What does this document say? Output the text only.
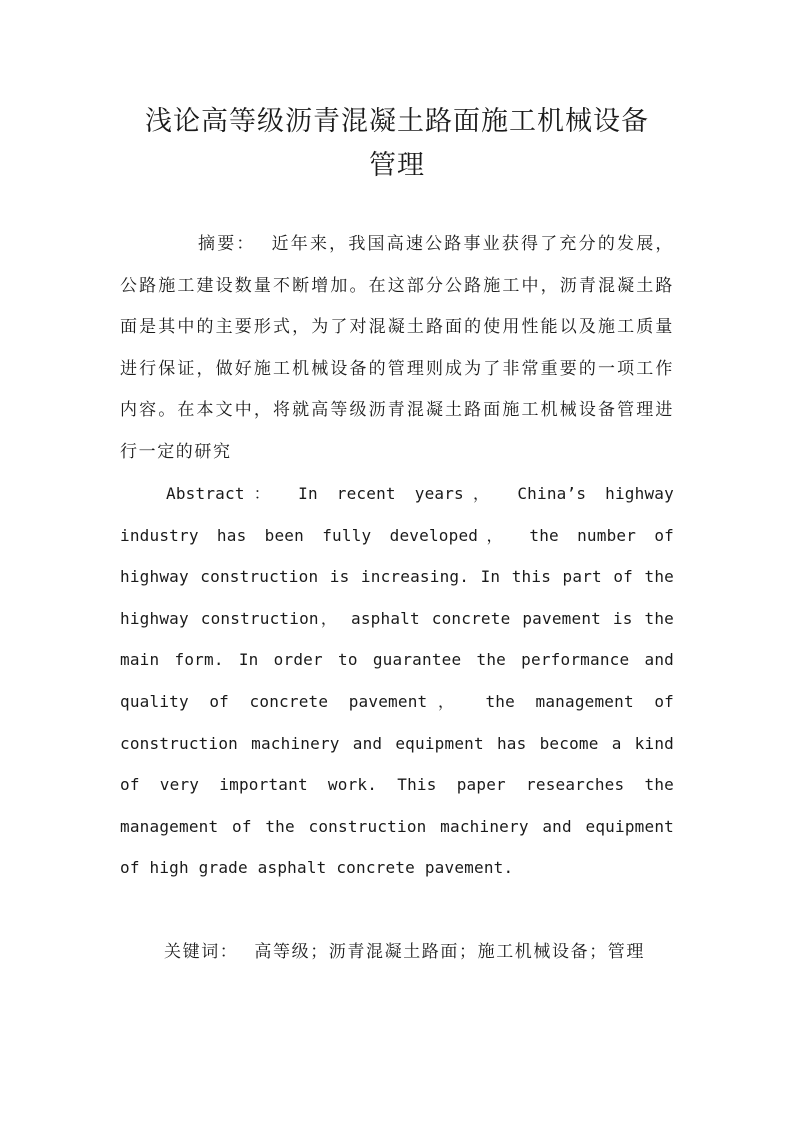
浅论高等级沥青混凝土路面施工机械设备
管理

摘要： 近年来，我国高速公路事业获得了充分的发展，公路施工建设数量不断增加。在这部分公路施工中，沥青混凝土路面是其中的主要形式，为了对混凝土路面的使用性能以及施工质量进行保证，做好施工机械设备的管理则成为了非常重要的一项工作内容。在本文中，将就高等级沥青混凝土路面施工机械设备管理进行一定的研究

Abstract： In recent years， China’s highway industry has been fully developed， the number of highway construction is increasing. In this part of the highway construction， asphalt concrete pavement is the main form. In order to guarantee the performance and quality of concrete pavement， the management of construction machinery and equipment has become a kind of very important work. This paper researches the management of the construction machinery and equipment of high grade asphalt concrete pavement.

关键词： 高等级；沥青混凝土路面；施工机械设备；管理
